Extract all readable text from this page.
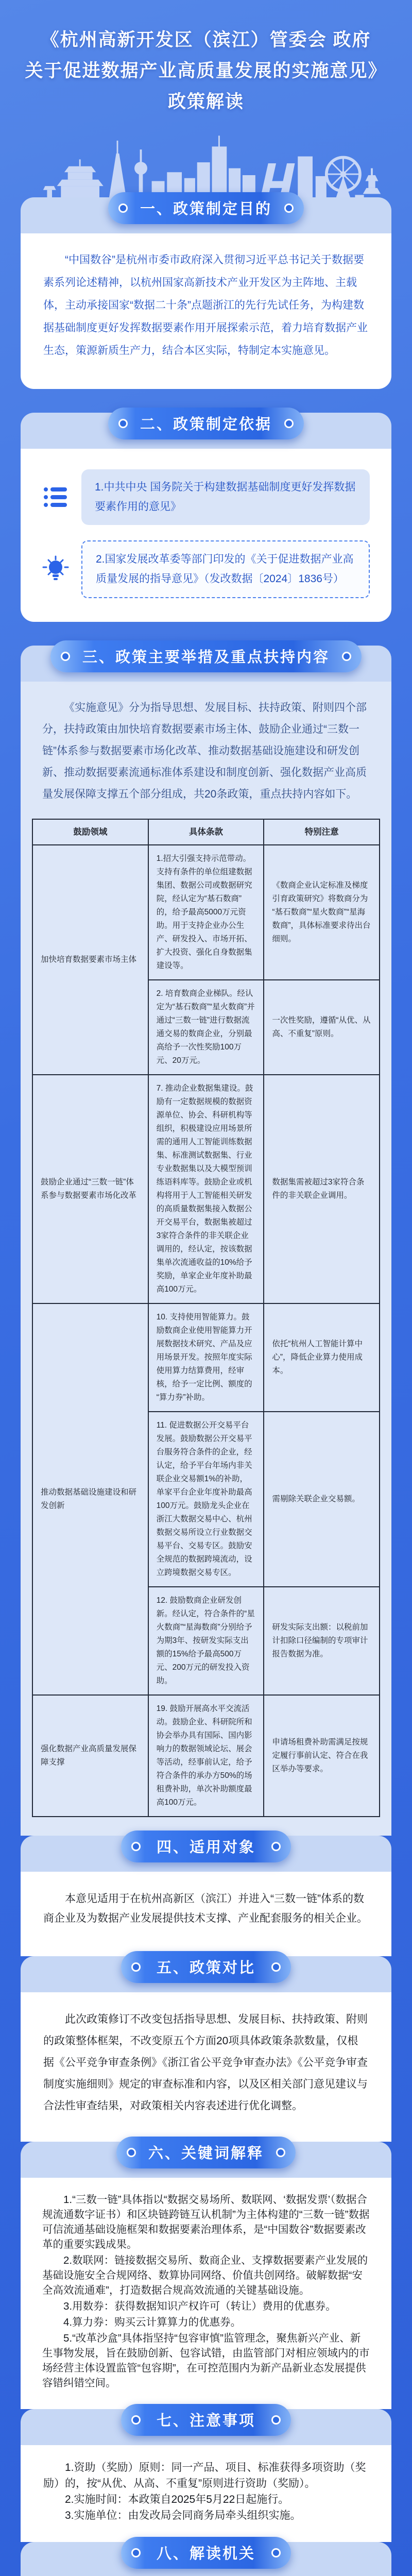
《杭州高新开发区（滨江）管委会 政府
关于促进数据产业高质量发展的实施意见》
政策解读
一、政策制定目的

“中国数谷”是杭州市委市政府深入贯彻习近平总书记关于数据要素系列论述精神，以杭州国家高新技术产业开发区为主阵地、主载体，主动承接国家“数据二十条”点题浙江的先行先试任务，为构建数据基础制度更好发挥数据要素作用开展探索示范，着力培育数据产业生态，策源新质生产力，结合本区实际，特制定本实施意见。

二、政策制定依据
1.中共中央 国务院关于构建数据基础制度更好发挥数据要素作用的意见》
2.国家发展改革委等部门印发的《关于促进数据产业高质量发展的指导意见》（发改数据〔2024〕1836号）
三、政策主要举措及重点扶持内容

《实施意见》分为指导思想、发展目标、扶持政策、附则四个部分，扶持政策由加快培育数据要素市场主体、鼓励企业通过“三数一链”体系参与数据要素市场化改革、推动数据基础设施建设和研发创新、推动数据要素流通标准体系建设和制度创新、强化数据产业高质量发展保障支撑五个部分组成，共20条政策，重点扶持内容如下。

鼓励领域	具体条款	特别注意
加快培育数据要素市场主体	1.招大引强支持示范带动。支持有条件的单位组建数据集团、数据公司或数据研究院，经认定为“基石数商”的，给予最高5000万元资助。用于支持企业办公生产、研发投入、市场开拓、扩大投资、强化自身数据集建设等。	《数商企业认定标准及梯度引育政策研究》将数商分为“基石数商”“星火数商”“星海数商”，具体标准要求待出台细则。
	2. 培育数商企业梯队。经认定为“基石数商”“星火数商”并通过“三数一链”进行数据流通交易的数商企业，分别最高给予一次性奖励100万元、20万元。	一次性奖励，遵循“从优、从高、不重复”原则。
鼓励企业通过“三数一链”体系参与数据要素市场化改革	7. 推动企业数据集建设。鼓励有一定数据规模的数据资源单位、协会、科研机构等组织，积极建设应用场景所需的通用人工智能训练数据集、标准测试数据集、行业专业数据集以及大模型预训练语料库等。鼓励企业或机构将用于人工智能相关研发的高质量数据集接入数据公开交易平台，数据集被超过3家符合条件的非关联企业调用的，经认定，按该数据集单次流通收益的10%给予奖励，单家企业年度补助最高100万元。	数据集需被超过3家符合条件的非关联企业调用。
推动数据基础设施建设和研发创新	10. 支持使用智能算力。鼓励数商企业使用智能算力开展数据技术研究、产品及应用场景开发。按照年度实际使用算力结算费用，经审核，给予一定比例、额度的“算力券”补助。	依托“杭州人工智能计算中心”，降低企业算力使用成本。
	11. 促进数据公开交易平台发展。鼓励数据公开交易平台服务符合条件的企业，经认定，给予平台年场内非关联企业交易额1%的补助，单家平台企业年度补助最高100万元。鼓励龙头企业在浙江大数据交易中心、杭州数据交易所设立行业数据交易平台、交易专区。鼓励安全规范的数据跨境流动，设立跨境数据交易专区。	需剔除关联企业交易额。
	12. 鼓励数商企业研发创新。经认定，符合条件的“星火数商”“星海数商”分别给予为期3年、按研发实际支出额的15%给予最高500万元、200万元的研发投入资助。	研发实际支出额：以税前加计扣除口径编制的专项审计报告数据为准。
强化数据产业高质量发展保障支撑	19. 鼓励开展高水平交流活动。鼓励企业、科研院所和协会举办具有国际、国内影响力的数据领域论坛、展会等活动，经事前认定，给予符合条件的承办方50%的场租费补助，单次补助额度最高100万元。	申请场租费补助需满足按规定履行事前认定、符合在我区举办等要求。
四、适用对象

本意见适用于在杭州高新区（滨江）并进入“三数一链”体系的数商企业及为数据产业发展提供技术支撑、产业配套服务的相关企业。

五、政策对比

此次政策修订不改变包括指导思想、发展目标、扶持政策、附则的政策整体框架，不改变原五个方面20项具体政策条款数量，仅根据《公平竞争审查条例》《浙江省公平竞争审查办法》《公平竞争审查制度实施细则》规定的审查标准和内容，以及区相关部门意见建议与合法性审查结果，对政策相关内容表述进行优化调整。

六、关键词解释

1.“三数一链”具体指以“数据交易场所、数联网、‘数据发票’（数据合规流通数字证书）和区块链跨链互认机制”为主体构建的“三数一链”数据可信流通基础设施框架和数据要素治理体系，是“中国数谷”数据要素改革的重要实践成果。

2.数联网：链接数据交易所、数商企业、支撑数据要素产业发展的基础设施安全合规网络、数算协同网络、价值共创网络。破解数据“安全高效流通难”，打造数据合规高效流通的关键基础设施。

3.用数券：获得数据知识产权许可（转让）费用的优惠券。

4.算力券：购买云计算算力的优惠券。

5.“改革沙盒”具体指坚持“包容审慎”监管理念，聚焦新兴产业、新生事物发展，旨在鼓励创新、包容试错，由监管部门对相应领域内的市场经营主体设置监管“包容期”，在可控范围内为新产品新业态发展提供容错纠错空间。

七、注意事项

1.资助（奖励）原则：同一产品、项目、标准获得多项资助（奖励）的，按“从优、从高、不重复”原则进行资助（奖励）。

2.实施时间：本政策自2025年5月22日起施行。

3.实施单位：由发改局会同商务局牵头组织实施。

八、解读机关
